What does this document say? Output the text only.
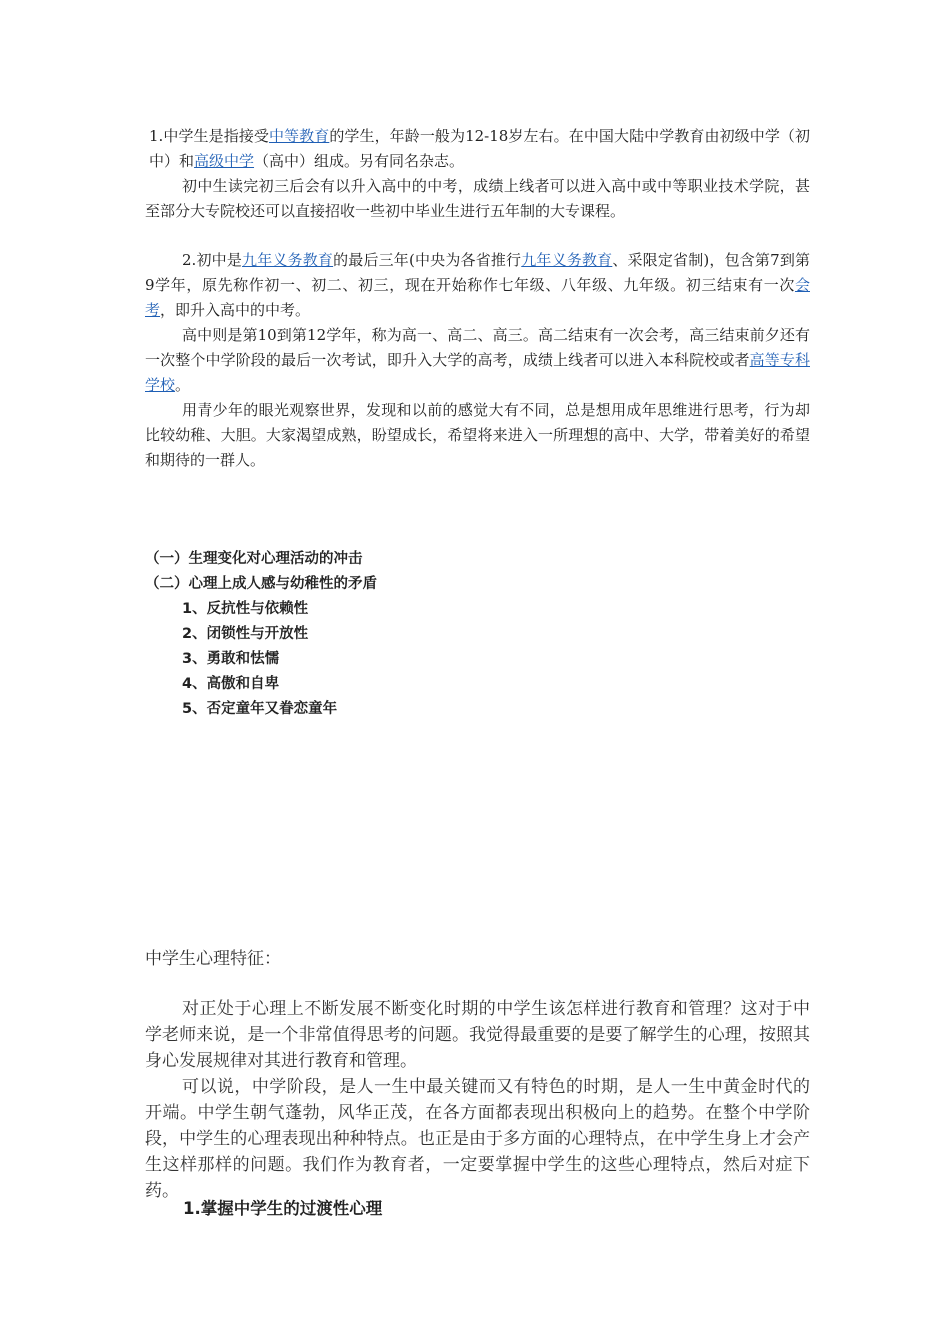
1.中学生是指接受中等教育的学生，年龄一般为12-18岁左右。在中国大陆中学教育由初级中学（初中）和高级中学（高中）组成。另有同名杂志。

初中生读完初三后会有以升入高中的中考，成绩上线者可以进入高中或中等职业技术学院，甚至部分大专院校还可以直接招收一些初中毕业生进行五年制的大专课程。

2.初中是九年义务教育的最后三年(中央为各省推行九年义务教育、采限定省制)，包含第7到第9学年，原先称作初一、初二、初三，现在开始称作七年级、八年级、九年级。初三结束有一次会考，即升入高中的中考。

高中则是第10到第12学年，称为高一、高二、高三。高二结束有一次会考，高三结束前夕还有一次整个中学阶段的最后一次考试，即升入大学的高考，成绩上线者可以进入本科院校或者高等专科学校。

用青少年的眼光观察世界，发现和以前的感觉大有不同，总是想用成年思维进行思考，行为却比较幼稚、大胆。大家渴望成熟，盼望成长，希望将来进入一所理想的高中、大学，带着美好的希望和期待的一群人。

（一）生理变化对心理活动的冲击
（二）心理上成人感与幼稚性的矛盾
1、反抗性与依赖性
2、闭锁性与开放性
3、勇敢和怯懦
4、高傲和自卑
5、否定童年又眷恋童年

中学生心理特征：

对正处于心理上不断发展不断变化时期的中学生该怎样进行教育和管理？这对于中学老师来说，是一个非常值得思考的问题。我觉得最重要的是要了解学生的心理，按照其身心发展规律对其进行教育和管理。

可以说，中学阶段，是人一生中最关键而又有特色的时期，是人一生中黄金时代的开端。中学生朝气蓬勃，风华正茂，在各方面都表现出积极向上的趋势。在整个中学阶段，中学生的心理表现出种种特点。也正是由于多方面的心理特点，在中学生身上才会产生这样那样的问题。我们作为教育者，一定要掌握中学生的这些心理特点，然后对症下药。

1.掌握中学生的过渡性心理
